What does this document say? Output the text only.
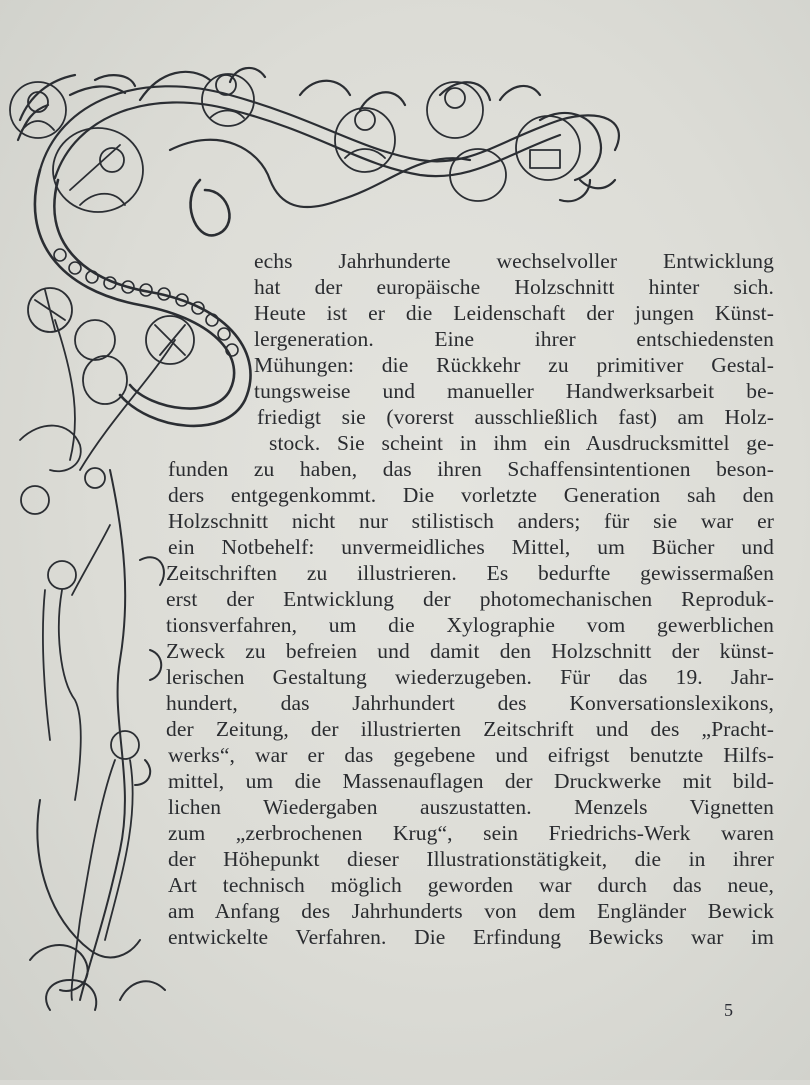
echs Jahrhunderte wechselvoller Entwicklung
hat der europäische Holzschnitt hinter sich.
Heute ist er die Leidenschaft der jungen Künst-
lergeneration. Eine ihrer entschiedensten
Mühungen: die Rückkehr zu primitiver Gestal-
tungsweise und manueller Handwerksarbeit be-
friedigt sie (vorerst ausschließlich fast) am Holz-
stock. Sie scheint in ihm ein Ausdrucksmittel ge-
funden zu haben, das ihren Schaffensintentionen beson-
ders entgegenkommt. Die vorletzte Generation sah den
Holzschnitt nicht nur stilistisch anders; für sie war er
ein Notbehelf: unvermeidliches Mittel, um Bücher und
Zeitschriften zu illustrieren. Es bedurfte gewissermaßen
erst der Entwicklung der photomechanischen Reproduk-
tionsverfahren, um die Xylographie vom gewerblichen
Zweck zu befreien und damit den Holzschnitt der künst-
lerischen Gestaltung wiederzugeben. Für das 19. Jahr-
hundert, das Jahrhundert des Konversationslexikons,
der Zeitung, der illustrierten Zeitschrift und des „Pracht-
werks“, war er das gegebene und eifrigst benutzte Hilfs-
mittel, um die Massenauflagen der Druckwerke mit bild-
lichen Wiedergaben auszustatten. Menzels Vignetten
zum „zerbrochenen Krug“, sein Friedrichs-Werk waren
der Höhepunkt dieser Illustrationstätigkeit, die in ihrer
Art technisch möglich geworden war durch das neue,
am Anfang des Jahrhunderts von dem Engländer Bewick
entwickelte Verfahren. Die Erfindung Bewicks war im
5
